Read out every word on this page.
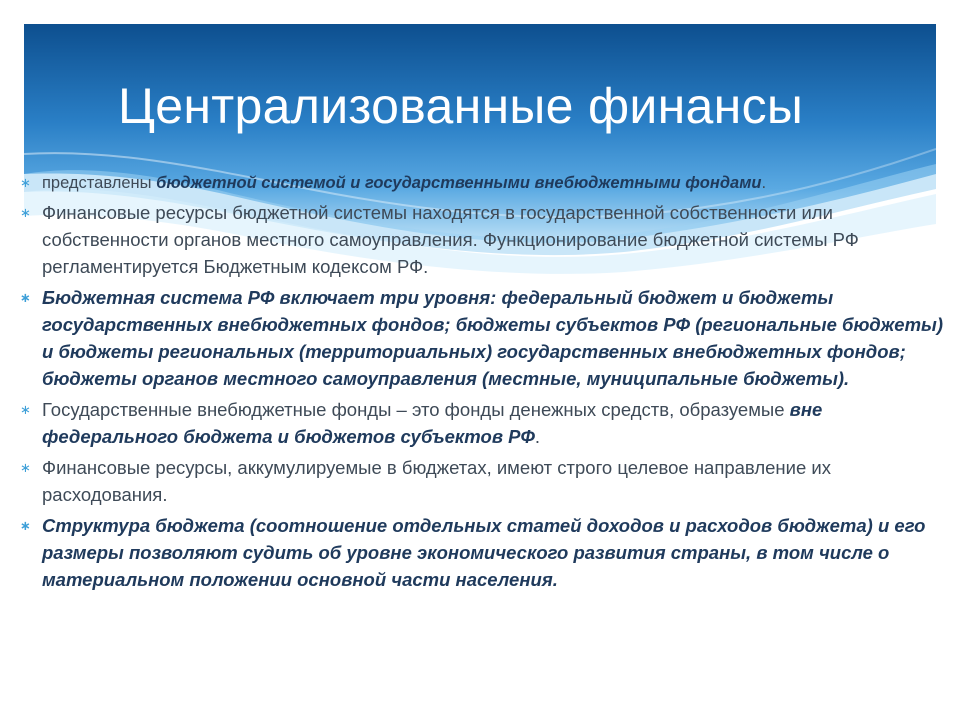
Централизованные финансы
∗ представлены бюджетной системой и государственными внебюджетными фондами.
∗ Финансовые ресурсы бюджетной системы находятся в государственной собственности или собственности органов местного самоуправления. Функционирование бюджетной системы РФ регламентируется Бюджетным кодексом РФ.
∗ Бюджетная система РФ включает три уровня: федеральный бюджет и бюджеты государственных внебюджетных фондов; бюджеты субъектов РФ (региональные бюджеты) и бюджеты региональных (территориальных) государственных внебюджетных фондов; бюджеты органов местного самоуправления (местные, муниципальные бюджеты).
∗ Государственные внебюджетные фонды – это фонды денежных средств, образуемые вне федерального бюджета и бюджетов субъектов РФ.
∗ Финансовые ресурсы, аккумулируемые в бюджетах, имеют строго целевое направление их расходования.
∗ Структура бюджета (соотношение отдельных статей доходов и расходов бюджета) и его размеры позволяют судить об уровне экономического развития страны, в том числе о материальном положении основной части населения.
